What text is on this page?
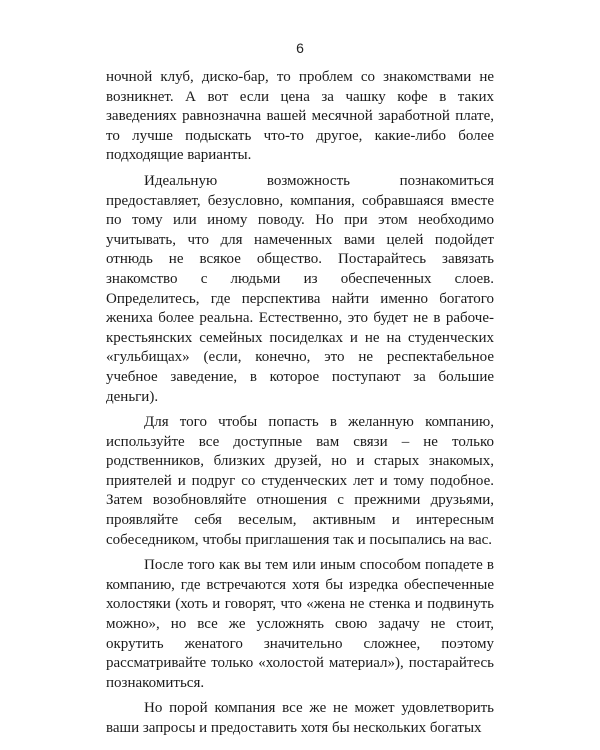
6

ночной клуб, диско-бар, то проблем со знакомствами не возникнет. А вот если цена за чашку кофе в таких заведениях равнозначна вашей месячной заработной плате, то лучше подыскать что-то другое, какие-либо более подходящие варианты.

Идеальную возможность познакомиться предоставляет, безусловно, компания, собравшаяся вместе по тому или иному поводу. Но при этом необходимо учитывать, что для намеченных вами целей подойдет отнюдь не всякое общество. Постарайтесь завязать знакомство с людьми из обеспеченных слоев. Определитесь, где перспектива найти именно богатого жениха более реальна. Естественно, это будет не в рабоче-крестьянских семейных посиделках и не на студенческих «гульбищах» (если, конечно, это не респектабельное учебное заведение, в которое поступают за большие деньги).

Для того чтобы попасть в желанную компанию, используйте все доступные вам связи – не только родственников, близких друзей, но и старых знакомых, приятелей и подруг со студенческих лет и тому подобное. Затем возобновляйте отношения с прежними друзьями, проявляйте себя веселым, активным и интересным собеседником, чтобы приглашения так и посыпались на вас.

После того как вы тем или иным способом попадете в компанию, где встречаются хотя бы изредка обеспеченные холостяки (хоть и говорят, что «жена не стенка и подвинуть можно», но все же усложнять свою задачу не стоит, окрутить женатого значительно сложнее, поэтому рассматривайте только «холостой материал»), постарайтесь познакомиться.

Но порой компания все же не может удовлетворить ваши запросы и предоставить хотя бы нескольких богатых
